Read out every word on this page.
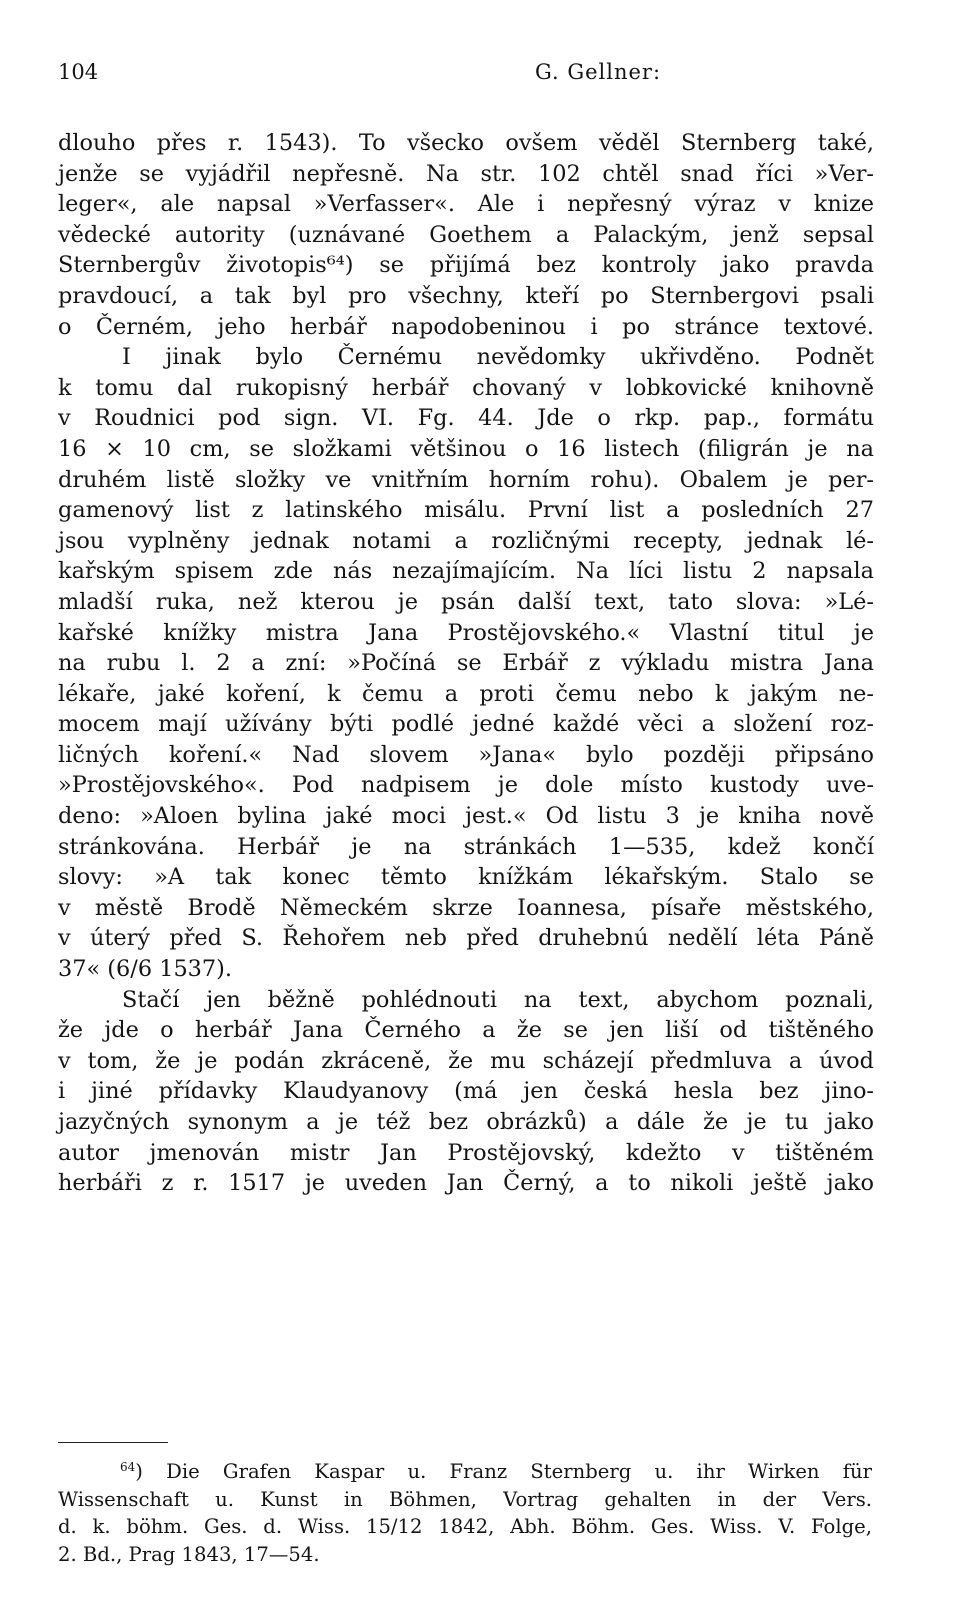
104	G. Gellner:
dlouho přes r. 1543). To všecko ovšem věděl Sternberg také,
jenže se vyjádřil nepřesně. Na str. 102 chtěl snad říci »Ver-
leger«, ale napsal »Verfasser«. Ale i nepřesný výraz v knize
vědecké autority (uznávané Goethem a Palackým, jenž sepsal
Sternbergův životopis⁶⁴) se přijímá bez kontroly jako pravda
pravdoucí, a tak byl pro všechny, kteří po Sternbergovi psali
o Černém, jeho herbář napodobeninou i po stránce textové.
I jinak bylo Černému nevědomky ukřivděno. Podnět
k tomu dal rukopisný herbář chovaný v lobkovické knihovně
v Roudnici pod sign. VI. Fg. 44. Jde o rkp. pap., formátu
16 × 10 cm, se složkami většinou o 16 listech (filigrán je na
druhém listě složky ve vnitřním horním rohu). Obalem je per-
gamenový list z latinského misálu. První list a posledních 27
jsou vyplněny jednak notami a rozličnými recepty, jednak lé-
kařským spisem zde nás nezajímajícím. Na líci listu 2 napsala
mladší ruka, než kterou je psán další text, tato slova: »Lé-
kařské knížky mistra Jana Prostějovského.« Vlastní titul je
na rubu l. 2 a zní: »Počíná se Erbář z výkladu mistra Jana
lékaře, jaké koření, k čemu a proti čemu nebo k jakým ne-
mocem mají užívány býti podlé jedné každé věci a složení roz-
ličných koření.« Nad slovem »Jana« bylo později připsáno
»Prostějovského«. Pod nadpisem je dole místo kustody uve-
deno: »Aloen bylina jaké moci jest.« Od listu 3 je kniha nově
stránkována. Herbář je na stránkách 1—535, kdež končí
slovy: »A tak konec těmto knížkám lékařským. Stalo se
v městě Brodě Německém skrze Ioannesa, písaře městského,
v úterý před S. Řehořem neb před druhebnú nedělí léta Páně
37« (6/6 1537).
Stačí jen běžně pohlédnouti na text, abychom poznali,
že jde o herbář Jana Černého a že se jen liší od tištěného
v tom, že je podán zkráceně, že mu scházejí předmluva a úvod
i jiné přídavky Klaudyanovy (má jen česká hesla bez jino-
jazyčných synonym a je též bez obrázků) a dále že je tu jako
autor jmenován mistr Jan Prostějovský, kdežto v tištěném
herbáři z r. 1517 je uveden Jan Černý, a to nikoli ještě jako
$^{64}$) Die Grafen Kaspar u. Franz Sternberg u. ihr Wirken für
Wissenschaft u. Kunst in Böhmen, Vortrag gehalten in der Vers.
d. k. böhm. Ges. d. Wiss. 15/12 1842, Abh. Böhm. Ges. Wiss. V. Folge,
2. Bd., Prag 1843, 17—54.
